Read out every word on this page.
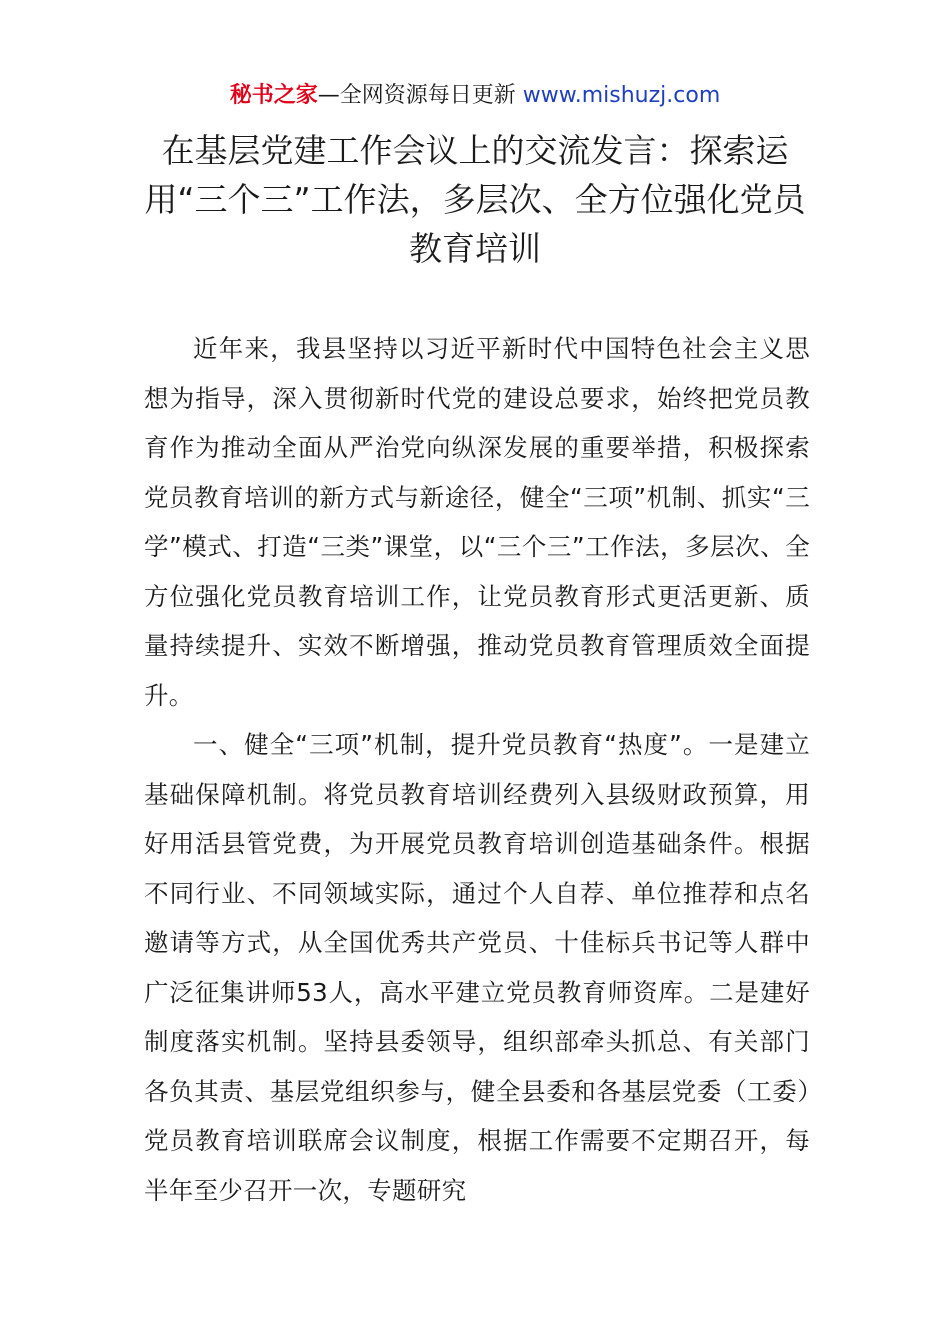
秘书之家—全网资源每日更新 www.mishuzj.com
在基层党建工作会议上的交流发言：探索运用“三个三”工作法，多层次、全方位强化党员教育培训

近年来，我县坚持以习近平新时代中国特色社会主义思想为指导，深入贯彻新时代党的建设总要求，始终把党员教育作为推动全面从严治党向纵深发展的重要举措，积极探索党员教育培训的新方式与新途径，健全“三项”机制、抓实“三学”模式、打造“三类”课堂，以“三个三”工作法，多层次、全方位强化党员教育培训工作，让党员教育形式更活更新、质量持续提升、实效不断增强，推动党员教育管理质效全面提升。

一、健全“三项”机制，提升党员教育“热度”。一是建立基础保障机制。将党员教育培训经费列入县级财政预算，用好用活县管党费，为开展党员教育培训创造基础条件。根据不同行业、不同领域实际，通过个人自荐、单位推荐和点名邀请等方式，从全国优秀共产党员、十佳标兵书记等人群中广泛征集讲师53人，高水平建立党员教育师资库。二是建好制度落实机制。坚持县委领导，组织部牵头抓总、有关部门各负其责、基层党组织参与，健全县委和各基层党委（工委）党员教育培训联席会议制度，根据工作需要不定期召开，每半年至少召开一次，专题研究
